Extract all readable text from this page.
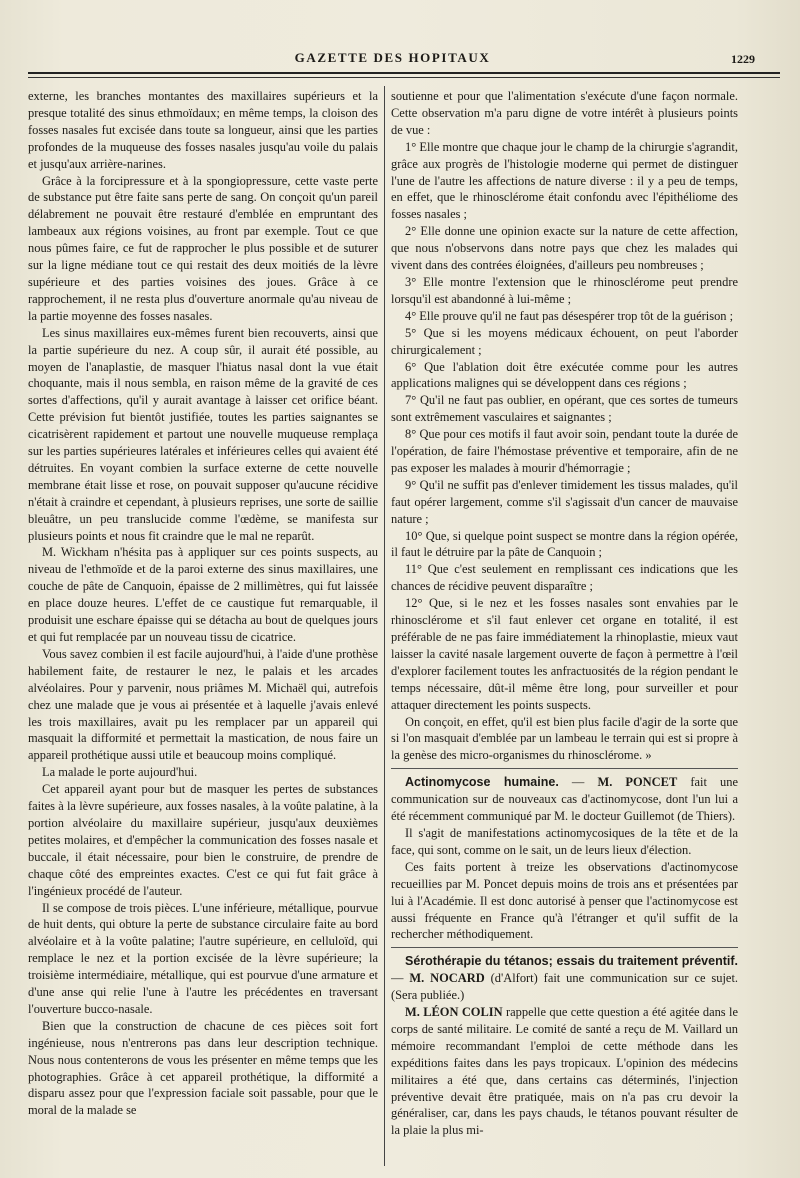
GAZETTE DES HOPITAUX	1229

externe, les branches montantes des maxillaires supérieurs et la presque totalité des sinus ethmoïdaux; en même temps, la cloison des fosses nasales fut excisée dans toute sa longueur, ainsi que les parties profondes de la muqueuse des fosses nasales jusqu'au voile du palais et jusqu'aux arrière-narines.

Grâce à la forcipressure et à la spongiopressure, cette vaste perte de substance put être faite sans perte de sang. On conçoit qu'un pareil délabrement ne pouvait être restauré d'emblée en empruntant des lambeaux aux régions voisines, au front par exemple. Tout ce que nous pûmes faire, ce fut de rapprocher le plus possible et de suturer sur la ligne médiane tout ce qui restait des deux moitiés de la lèvre supérieure et des parties voisines des joues. Grâce à ce rapprochement, il ne resta plus d'ouverture anormale qu'au niveau de la partie moyenne des fosses nasales.

Les sinus maxillaires eux-mêmes furent bien recouverts, ainsi que la partie supérieure du nez. A coup sûr, il aurait été possible, au moyen de l'anaplastie, de masquer l'hiatus nasal dont la vue était choquante, mais il nous sembla, en raison même de la gravité de ces sortes d'affections, qu'il y aurait avantage à laisser cet orifice béant. Cette prévision fut bientôt justifiée, toutes les parties saignantes se cicatrisèrent rapidement et partout une nouvelle muqueuse remplaça sur les parties supérieures latérales et inférieures celles qui avaient été détruites. En voyant combien la surface externe de cette nouvelle membrane était lisse et rose, on pouvait supposer qu'aucune récidive n'était à craindre et cependant, à plusieurs reprises, une sorte de saillie bleuâtre, un peu translucide comme l'œdème, se manifesta sur plusieurs points et nous fit craindre que le mal ne reparût.

M. Wickham n'hésita pas à appliquer sur ces points suspects, au niveau de l'ethmoïde et de la paroi externe des sinus maxillaires, une couche de pâte de Canquoin, épaisse de 2 millimètres, qui fut laissée en place douze heures. L'effet de ce caustique fut remarquable, il produisit une eschare épaisse qui se détacha au bout de quelques jours et qui fut remplacée par un nouveau tissu de cicatrice.

Vous savez combien il est facile aujourd'hui, à l'aide d'une prothèse habilement faite, de restaurer le nez, le palais et les arcades alvéolaires. Pour y parvenir, nous priâmes M. Michaël qui, autrefois chez une malade que je vous ai présentée et à laquelle j'avais enlevé les trois maxillaires, avait pu les remplacer par un appareil qui masquait la difformité et permettait la mastication, de nous faire un appareil prothétique aussi utile et beaucoup moins compliqué.

La malade le porte aujourd'hui.

Cet appareil ayant pour but de masquer les pertes de substances faites à la lèvre supérieure, aux fosses nasales, à la voûte palatine, à la portion alvéolaire du maxillaire supérieur, jusqu'aux deuxièmes petites molaires, et d'empêcher la communication des fosses nasale et buccale, il était nécessaire, pour bien le construire, de prendre de chaque côté des empreintes exactes. C'est ce qui fut fait grâce à l'ingénieux procédé de l'auteur.

Il se compose de trois pièces. L'une inférieure, métallique, pourvue de huit dents, qui obture la perte de substance circulaire faite au bord alvéolaire et à la voûte palatine; l'autre supérieure, en celluloïd, qui remplace le nez et la portion excisée de la lèvre supérieure; la troisième intermédiaire, métallique, qui est pourvue d'une armature et d'une anse qui relie l'une à l'autre les précédentes en traversant l'ouverture bucco-nasale.

Bien que la construction de chacune de ces pièces soit fort ingénieuse, nous n'entrerons pas dans leur description technique. Nous nous contenterons de vous les présenter en même temps que les photographies. Grâce à cet appareil prothétique, la difformité a disparu assez pour que l'expression faciale soit passable, pour que le moral de la malade se

soutienne et pour que l'alimentation s'exécute d'une façon normale. Cette observation m'a paru digne de votre intérêt à plusieurs points de vue :

1° Elle montre que chaque jour le champ de la chirurgie s'agrandit, grâce aux progrès de l'histologie moderne qui permet de distinguer l'une de l'autre les affections de nature diverse : il y a peu de temps, en effet, que le rhinosclérome était confondu avec l'épithéliome des fosses nasales ;

2° Elle donne une opinion exacte sur la nature de cette affection, que nous n'observons dans notre pays que chez les malades qui vivent dans des contrées éloignées, d'ailleurs peu nombreuses ;

3° Elle montre l'extension que le rhinosclérome peut prendre lorsqu'il est abandonné à lui-même ;

4° Elle prouve qu'il ne faut pas désespérer trop tôt de la guérison ;

5° Que si les moyens médicaux échouent, on peut l'aborder chirurgicalement ;

6° Que l'ablation doit être exécutée comme pour les autres applications malignes qui se développent dans ces régions ;

7° Qu'il ne faut pas oublier, en opérant, que ces sortes de tumeurs sont extrêmement vasculaires et saignantes ;

8° Que pour ces motifs il faut avoir soin, pendant toute la durée de l'opération, de faire l'hémostase préventive et temporaire, afin de ne pas exposer les malades à mourir d'hémorragie ;

9° Qu'il ne suffit pas d'enlever timidement les tissus malades, qu'il faut opérer largement, comme s'il s'agissait d'un cancer de mauvaise nature ;

10° Que, si quelque point suspect se montre dans la région opérée, il faut le détruire par la pâte de Canquoin ;

11° Que c'est seulement en remplissant ces indications que les chances de récidive peuvent disparaître ;

12° Que, si le nez et les fosses nasales sont envahies par le rhinosclérome et s'il faut enlever cet organe en totalité, il est préférable de ne pas faire immédiatement la rhinoplastie, mieux vaut laisser la cavité nasale largement ouverte de façon à permettre à l'œil d'explorer facilement toutes les anfractuosités de la région pendant le temps nécessaire, dût-il même être long, pour surveiller et pour attaquer directement les points suspects.

On conçoit, en effet, qu'il est bien plus facile d'agir de la sorte que si l'on masquait d'emblée par un lambeau le terrain qui est si propre à la genèse des micro-organismes du rhinosclérome. »

Actinomycose humaine. — M. PONCET fait une communication sur de nouveaux cas d'actinomycose, dont l'un lui a été récemment communiqué par M. le docteur Guillemot (de Thiers).

Il s'agit de manifestations actinomycosiques de la tête et de la face, qui sont, comme on le sait, un de leurs lieux d'élection.

Ces faits portent à treize les observations d'actinomycose recueillies par M. Poncet depuis moins de trois ans et présentées par lui à l'Académie. Il est donc autorisé à penser que l'actinomycose est aussi fréquente en France qu'à l'étranger et qu'il suffit de la rechercher méthodiquement.

Sérothérapie du tétanos; essais du traitement préventif. — M. NOCARD (d'Alfort) fait une communication sur ce sujet. (Sera publiée.)

M. LÉON COLIN rappelle que cette question a été agitée dans le corps de santé militaire. Le comité de santé a reçu de M. Vaillard un mémoire recommandant l'emploi de cette méthode dans les expéditions faites dans les pays tropicaux. L'opinion des médecins militaires a été que, dans certains cas déterminés, l'injection préventive devait être pratiquée, mais on n'a pas cru devoir la généraliser, car, dans les pays chauds, le tétanos pouvant résulter de la plaie la plus mi-
